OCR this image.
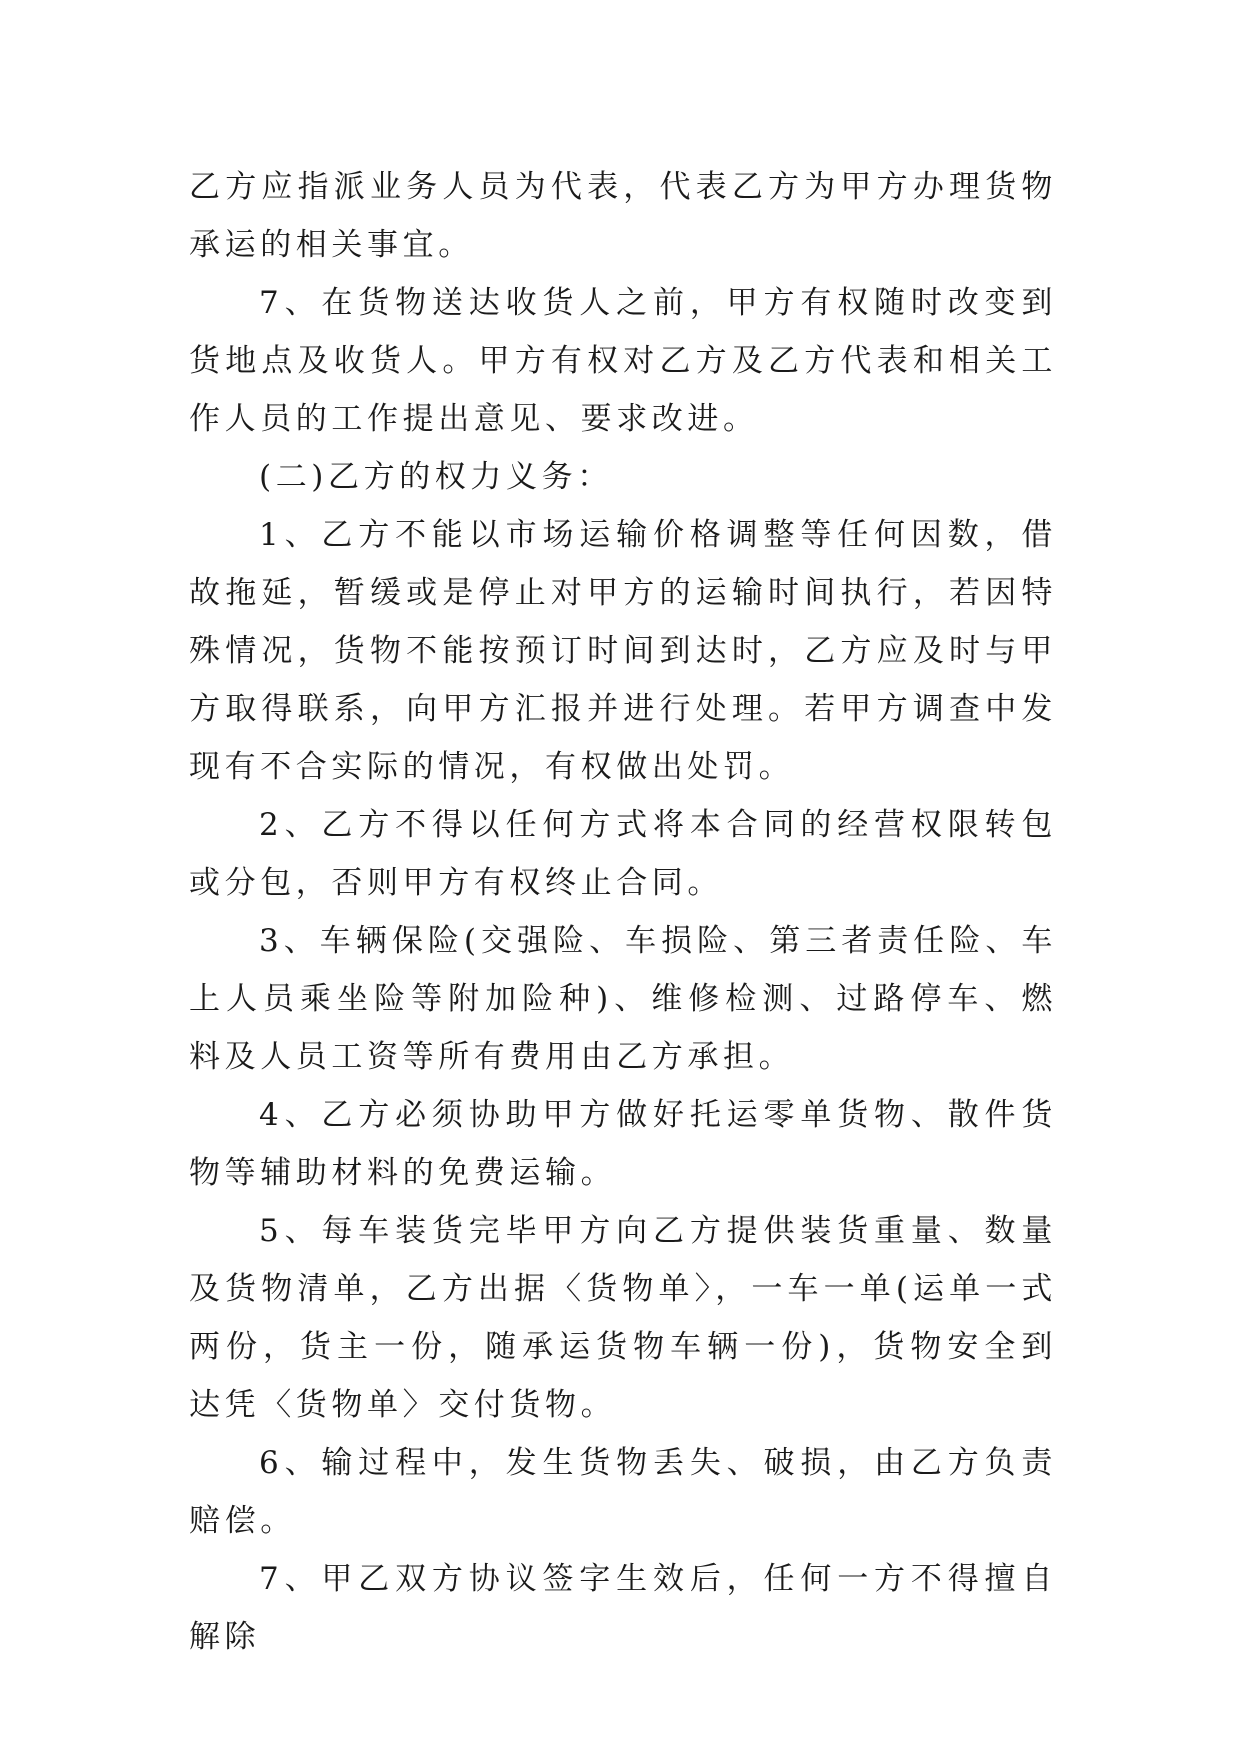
乙方应指派业务人员为代表，代表乙方为甲方办理货物承运的相关事宜。

7、在货物送达收货人之前，甲方有权随时改变到货地点及收货人。甲方有权对乙方及乙方代表和相关工作人员的工作提出意见、要求改进。

(二)乙方的权力义务：

1、乙方不能以市场运输价格调整等任何因数，借故拖延，暂缓或是停止对甲方的运输时间执行，若因特殊情况，货物不能按预订时间到达时，乙方应及时与甲方取得联系，向甲方汇报并进行处理。若甲方调查中发现有不合实际的情况，有权做出处罚。

2、乙方不得以任何方式将本合同的经营权限转包或分包，否则甲方有权终止合同。

3、车辆保险(交强险、车损险、第三者责任险、车上人员乘坐险等附加险种)、维修检测、过路停车、燃料及人员工资等所有费用由乙方承担。

4、乙方必须协助甲方做好托运零单货物、散件货物等辅助材料的免费运输。

5、每车装货完毕甲方向乙方提供装货重量、数量及货物清单，乙方出据〈货物单〉，一车一单(运单一式两份，货主一份，随承运货物车辆一份)，货物安全到达凭〈货物单〉交付货物。

6、输过程中，发生货物丢失、破损，由乙方负责赔偿。

7、甲乙双方协议签字生效后，任何一方不得擅自解除
